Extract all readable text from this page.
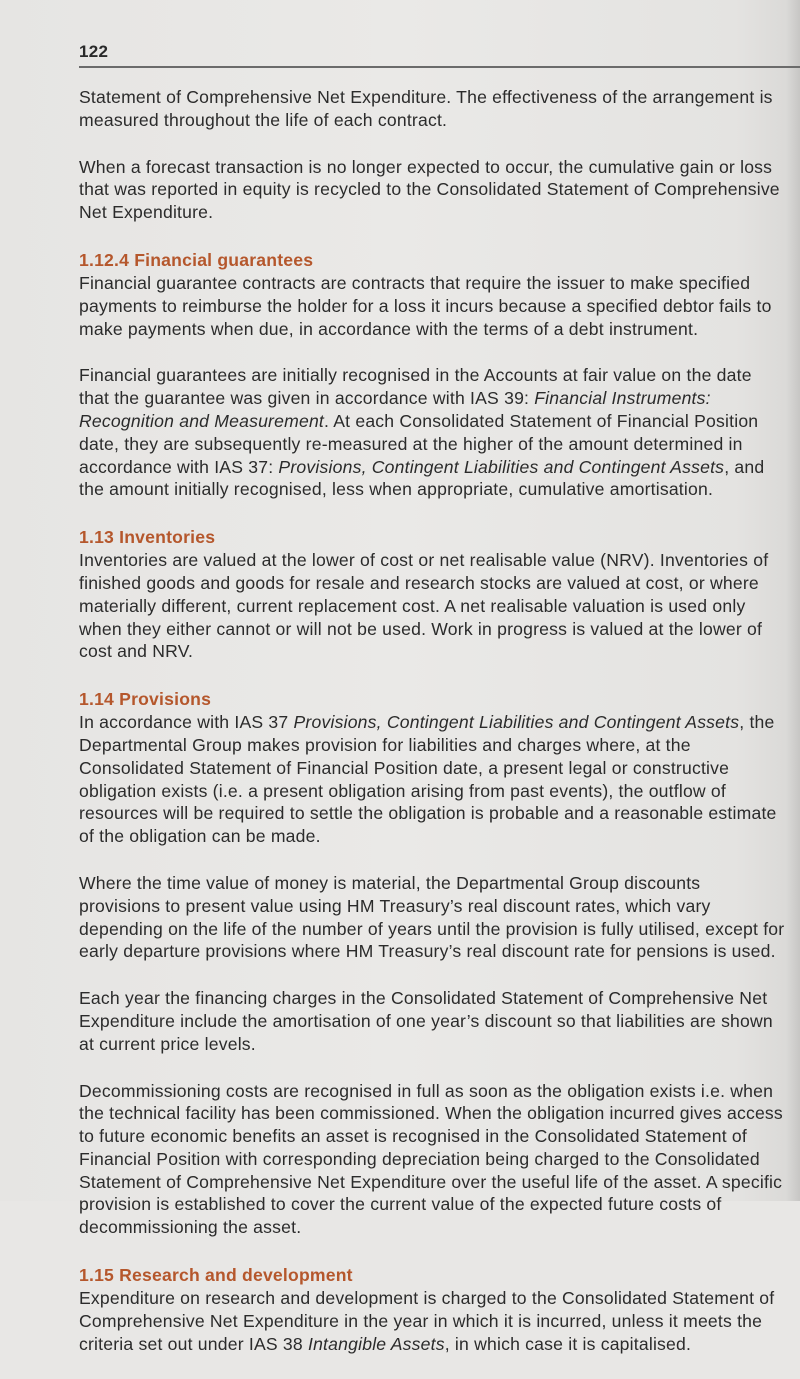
122

Statement of Comprehensive Net Expenditure. The effectiveness of the arrangement is measured throughout the life of each contract.

When a forecast transaction is no longer expected to occur, the cumulative gain or loss that was reported in equity is recycled to the Consolidated Statement of Comprehensive Net Expenditure.

1.12.4 Financial guarantees

Financial guarantee contracts are contracts that require the issuer to make specified payments to reimburse the holder for a loss it incurs because a specified debtor fails to make payments when due, in accordance with the terms of a debt instrument.

Financial guarantees are initially recognised in the Accounts at fair value on the date that the guarantee was given in accordance with IAS 39: Financial Instruments: Recognition and Measurement. At each Consolidated Statement of Financial Position date, they are subsequently re-measured at the higher of the amount determined in accordance with IAS 37: Provisions, Contingent Liabilities and Contingent Assets, and the amount initially recognised, less when appropriate, cumulative amortisation.

1.13 Inventories

Inventories are valued at the lower of cost or net realisable value (NRV). Inventories of finished goods and goods for resale and research stocks are valued at cost, or where materially different, current replacement cost. A net realisable valuation is used only when they either cannot or will not be used. Work in progress is valued at the lower of cost and NRV.

1.14 Provisions

In accordance with IAS 37 Provisions, Contingent Liabilities and Contingent Assets, the Departmental Group makes provision for liabilities and charges where, at the Consolidated Statement of Financial Position date, a present legal or constructive obligation exists (i.e. a present obligation arising from past events), the outflow of resources will be required to settle the obligation is probable and a reasonable estimate of the obligation can be made.

Where the time value of money is material, the Departmental Group discounts provisions to present value using HM Treasury’s real discount rates, which vary depending on the life of the number of years until the provision is fully utilised, except for early departure provisions where HM Treasury’s real discount rate for pensions is used.

Each year the financing charges in the Consolidated Statement of Comprehensive Net Expenditure include the amortisation of one year’s discount so that liabilities are shown at current price levels.

Decommissioning costs are recognised in full as soon as the obligation exists i.e. when the technical facility has been commissioned. When the obligation incurred gives access to future economic benefits an asset is recognised in the Consolidated Statement of Financial Position with corresponding depreciation being charged to the Consolidated Statement of Comprehensive Net Expenditure over the useful life of the asset. A specific provision is established to cover the current value of the expected future costs of decommissioning the asset.

1.15 Research and development

Expenditure on research and development is charged to the Consolidated Statement of Comprehensive Net Expenditure in the year in which it is incurred, unless it meets the criteria set out under IAS 38 Intangible Assets, in which case it is capitalised.
